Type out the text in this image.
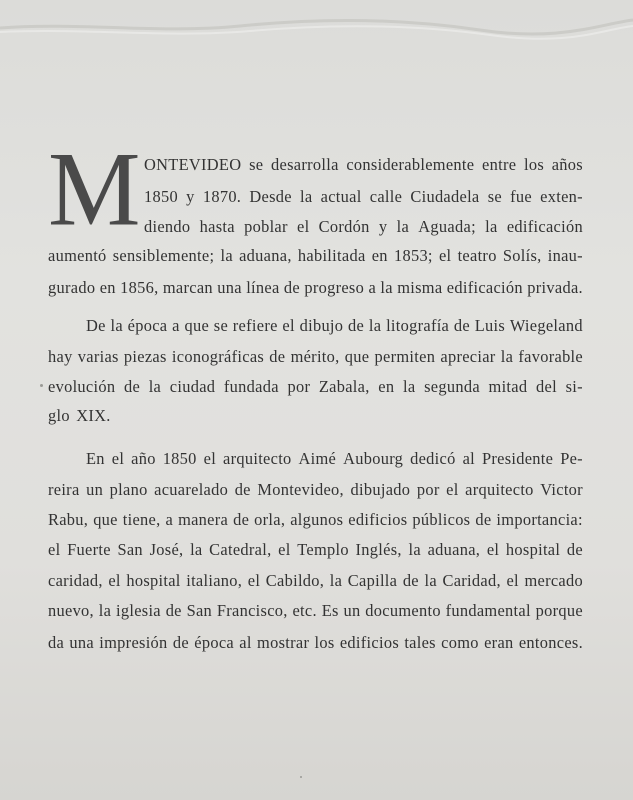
M ONTEVIDEO se desarrolla considerablemente entre los años
1850 y 1870. Desde la actual calle Ciudadela se fue exten-
diendo hasta poblar el Cordón y la Aguada; la edificación
aumentó sensiblemente; la aduana, habilitada en 1853; el teatro Solís, inau-
gurado en 1856, marcan una línea de progreso a la misma edificación privada.
De la época a que se refiere el dibujo de la litografía de Luis Wiegeland
hay varias piezas iconográficas de mérito, que permiten apreciar la favorable
evolución de la ciudad fundada por Zabala, en la segunda mitad del si-
glo XIX.
En el año 1850 el arquitecto Aimé Aubourg dedicó al Presidente Pe-
reira un plano acuarelado de Montevideo, dibujado por el arquitecto Victor
Rabu, que tiene, a manera de orla, algunos edificios públicos de importancia:
el Fuerte San José, la Catedral, el Templo Inglés, la aduana, el hospital de
caridad, el hospital italiano, el Cabildo, la Capilla de la Caridad, el mercado
nuevo, la iglesia de San Francisco, etc. Es un documento fundamental porque
da una impresión de época al mostrar los edificios tales como eran entonces.
